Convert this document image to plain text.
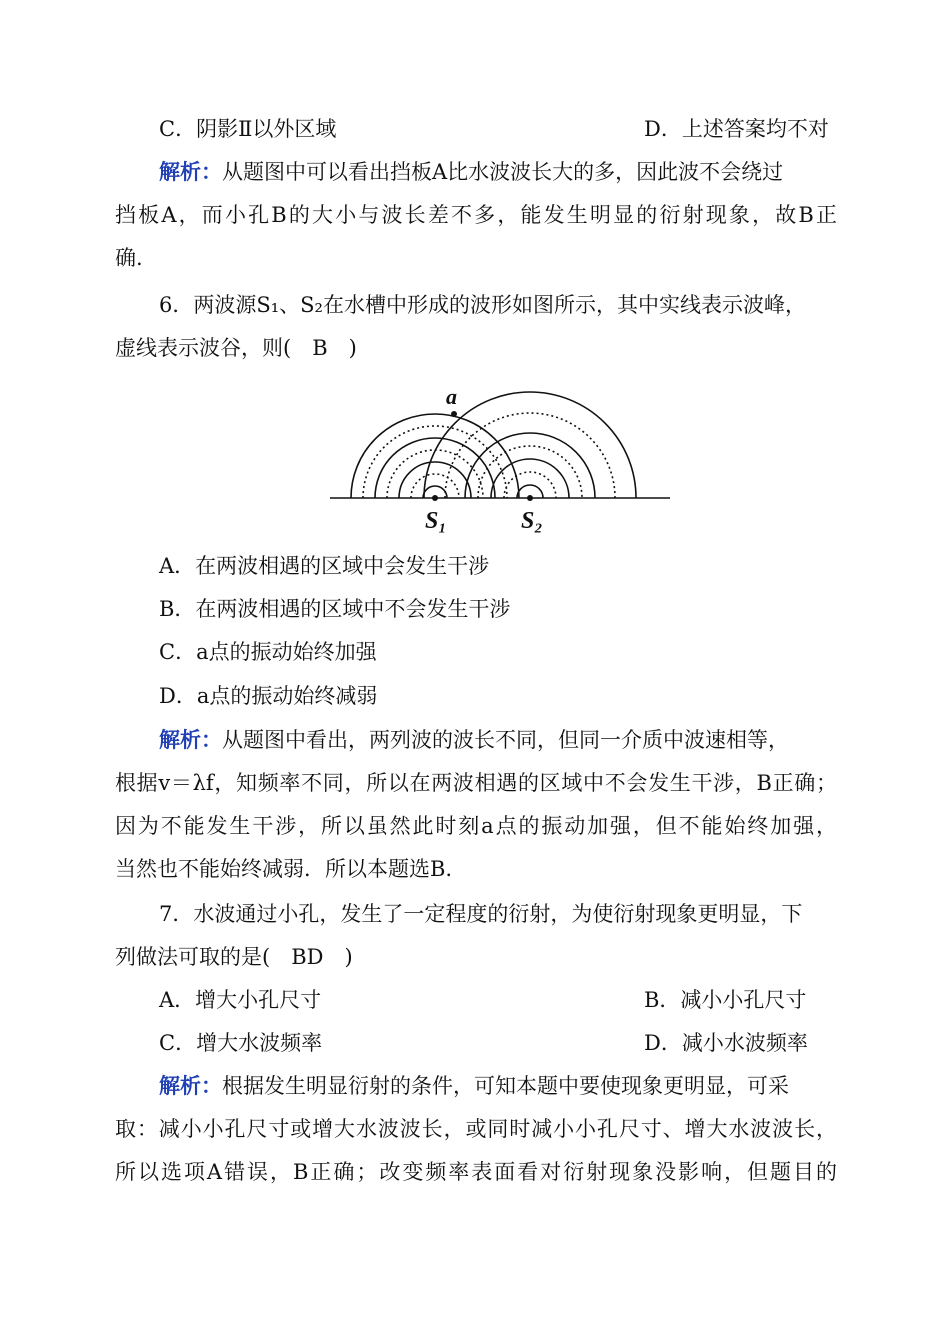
C．阴影Ⅱ以外区域	D．上述答案均不对
解析：从题图中可以看出挡板A比水波波长大的多，因此波不会绕过
挡板A，而小孔B的大小与波长差不多，能发生明显的衍射现象，故B正
确.
6．两波源S₁、S₂在水槽中形成的波形如图所示，其中实线表示波峰，
虚线表示波谷，则(　B　)
a
S₁	S₂
A．在两波相遇的区域中会发生干涉
B．在两波相遇的区域中不会发生干涉
C．a点的振动始终加强
D．a点的振动始终减弱
解析：从题图中看出，两列波的波长不同，但同一介质中波速相等，
根据v＝λf，知频率不同，所以在两波相遇的区域中不会发生干涉，B正确；
因为不能发生干涉，所以虽然此时刻a点的振动加强，但不能始终加强，
当然也不能始终减弱．所以本题选B.
7．水波通过小孔，发生了一定程度的衍射，为使衍射现象更明显，下
列做法可取的是(　BD　)
A．增大小孔尺寸	B．减小小孔尺寸
C．增大水波频率	D．减小水波频率
解析：根据发生明显衍射的条件，可知本题中要使现象更明显，可采
取：减小小孔尺寸或增大水波波长，或同时减小小孔尺寸、增大水波波长，
所以选项A错误，B正确；改变频率表面看对衍射现象没影响，但题目的
